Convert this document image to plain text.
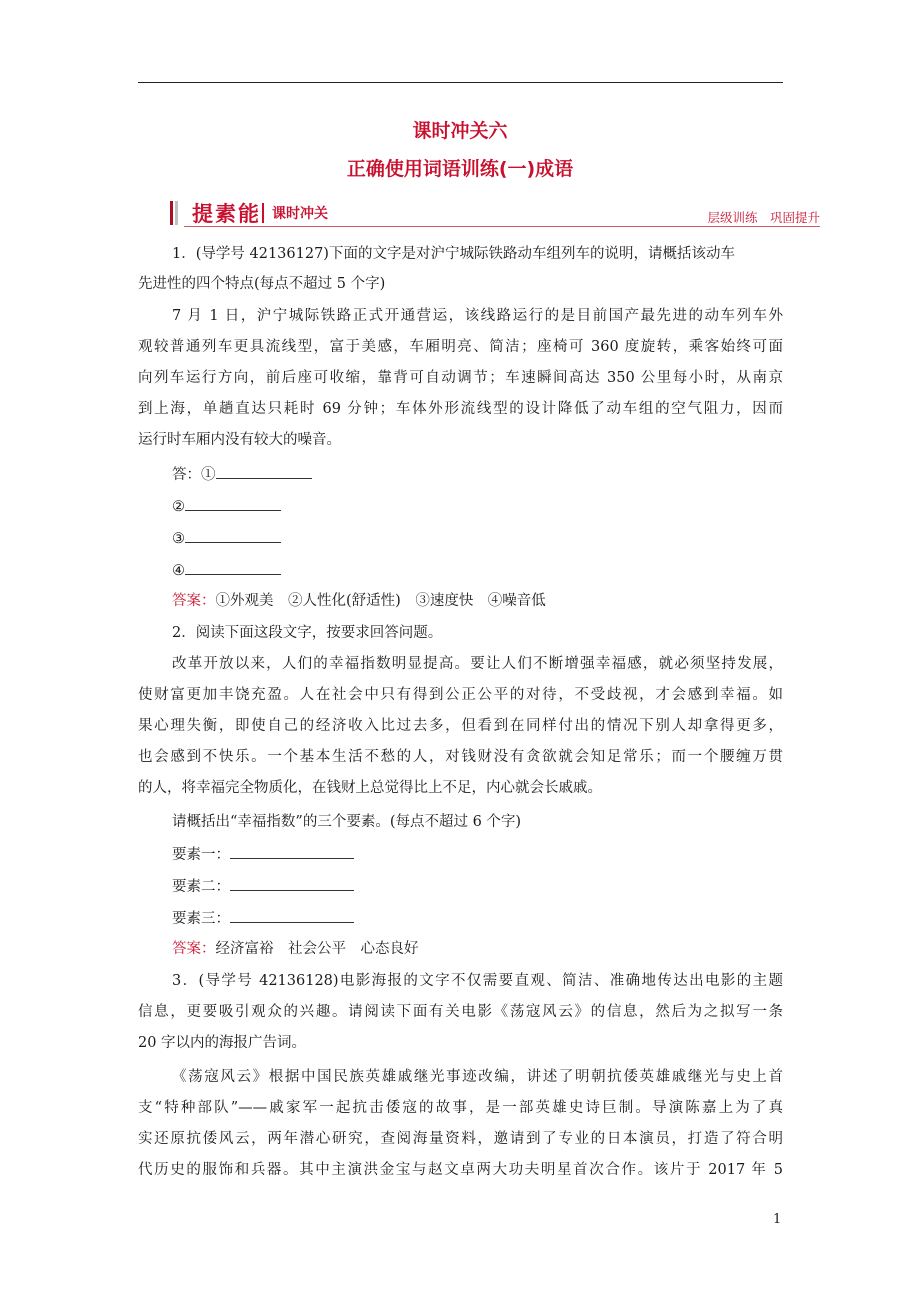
课时冲关六
正确使用词语训练(一)成语
提素能 课时冲关	层级训练　巩固提升
1．(导学号 42136127)下面的文字是对沪宁城际铁路动车组列车的说明，请概括该动车
先进性的四个特点(每点不超过 5 个字)
7 月 1 日，沪宁城际铁路正式开通营运，该线路运行的是目前国产最先进的动车列车外
观较普通列车更具流线型，富于美感，车厢明亮、简洁；座椅可 360 度旋转，乘客始终可面
向列车运行方向，前后座可收缩，靠背可自动调节；车速瞬间高达 350 公里每小时，从南京
到上海，单趟直达只耗时 69 分钟；车体外形流线型的设计降低了动车组的空气阻力，因而
运行时车厢内没有较大的噪音。
答：①
②
③
④
答案：①外观美　②人性化(舒适性)　③速度快　④噪音低
2．阅读下面这段文字，按要求回答问题。
改革开放以来，人们的幸福指数明显提高。要让人们不断增强幸福感，就必须坚持发展，
使财富更加丰饶充盈。人在社会中只有得到公正公平的对待，不受歧视，才会感到幸福。如
果心理失衡，即使自己的经济收入比过去多，但看到在同样付出的情况下别人却拿得更多，
也会感到不快乐。一个基本生活不愁的人，对钱财没有贪欲就会知足常乐；而一个腰缠万贯
的人，将幸福完全物质化，在钱财上总觉得比上不足，内心就会长戚戚。
请概括出“幸福指数”的三个要素。(每点不超过 6 个字)
要素一：
要素二：
要素三：
答案：经济富裕　社会公平　心态良好
3．(导学号 42136128)电影海报的文字不仅需要直观、简洁、准确地传达出电影的主题
信息，更要吸引观众的兴趣。请阅读下面有关电影《荡寇风云》的信息，然后为之拟写一条
20 字以内的海报广告词。
《荡寇风云》根据中国民族英雄戚继光事迹改编，讲述了明朝抗倭英雄戚继光与史上首
支“特种部队”——戚家军一起抗击倭寇的故事，是一部英雄史诗巨制。导演陈嘉上为了真
实还原抗倭风云，两年潜心研究，查阅海量资料，邀请到了专业的日本演员，打造了符合明
代历史的服饰和兵器。其中主演洪金宝与赵文卓两大功夫明星首次合作。该片于 2017 年 5
1
